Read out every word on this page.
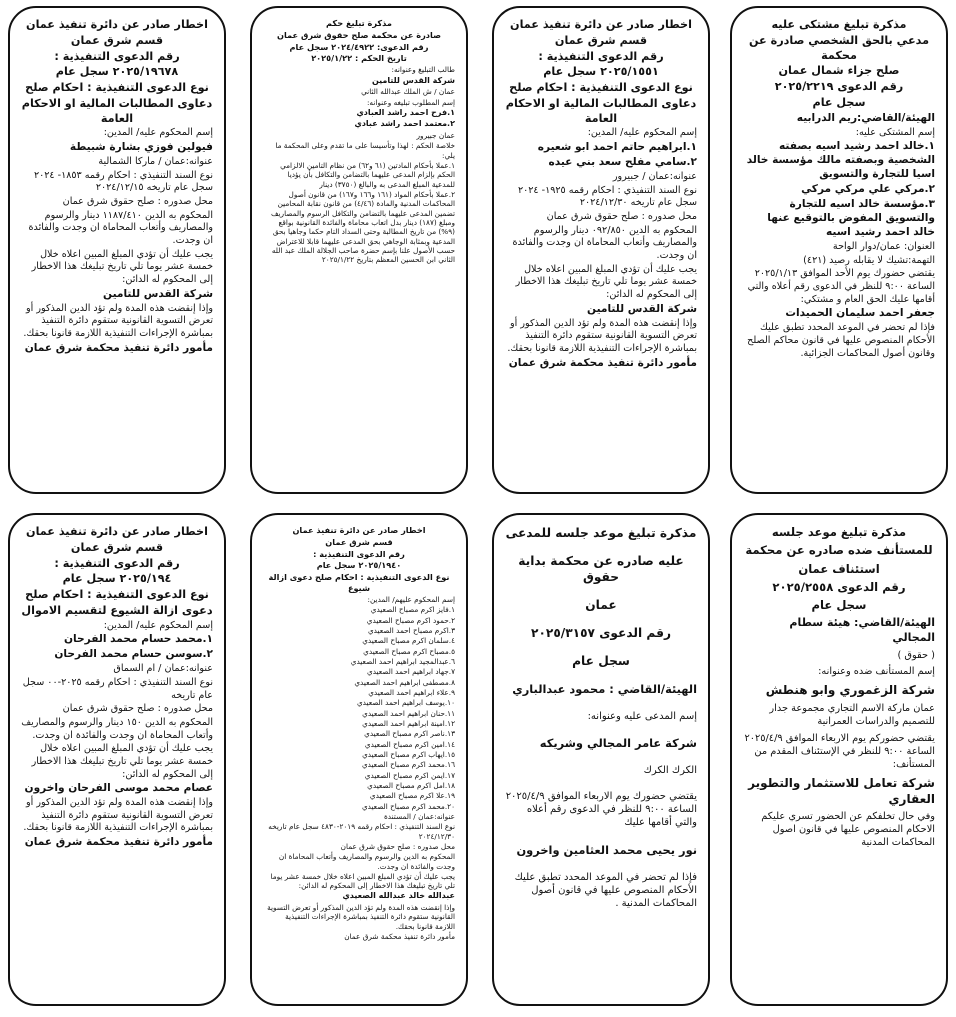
مذكرة تبليغ مشتكى عليه
مدعي بالحق الشخصي صادرة عن محكمة
صلح جزاء شمال عمان
رقم الدعوى ٢٠٢٥/٢٢١٩
سجل عام
الهيئة/القاضي:ريم الدرابيه
إسم المشتكى عليه:
١.خالد احمد رشيد اسيه بصفته الشخصية وبصفته مالك مؤسسة خالد اسيا للتجارة والتسويق
٢.مركي علي مركي مركي
٣.مؤسسة خالد اسيه للتجارة والتسويق المفوض بالتوقيع عنها خالد احمد رشيد اسيه
العنوان: عمان/دوار الواحة
التهمة:تشيك لا يقابله رصيد (٤٢١)
يقتضي حضورك يوم الأحد الموافق ٢٠٢٥/١/١٣ الساعة ٩:٠٠ للنظر في الدعوى رقم أعلاه والتي أقامها عليك الحق العام و مشتكي:
جعفر احمد سليمان الحميدات
فإذا لم تحضر في الموعد المحدد تطبق عليك الأحكام المنصوص عليها في قانون محاكم الصلح وقانون أصول المحاكمات الجزائية.
اخطار صادر عن دائرة تنفيذ عمان
قسم شرق عمان
رقم الدعوى التنفيذية :
٢٠٢٥/١٥٥١ سجل عام
نوع الدعوى التنفيذية : احكام صلح
دعاوى المطالبات المالية او الاحكام العامة
إسم المحكوم عليه/ المدين:
١.ابراهيم حاتم احمد ابو شعيره
٢.سامي مفلح سعد بني عيده
عنوانه:عمان / جبيرور
نوع السند التنفيذي : احكام رقمه ١٩٢٥- ٢٠٢٤ سجل عام تاريخه ٢٠٢٤/١٢/٣٠
محل صدوره : صلح حقوق شرق عمان
المحكوم به الدين ٠٩٢/٨٥٠ دينار والرسوم والمصاريف وأتعاب المحاماة ان وجدت والفائدة ان وجدت.
يجب عليك أن تؤدي المبلغ المبين اعلاه خلال خمسة عشر يوما تلي تاريخ تبليغك هذا الاخطار إلى المحكوم له الدائن:
شركة القدس للتامين
وإذا إنقضت هذه المدة ولم تؤد الدين المذكور أو تعرض التسوية القانونية ستقوم دائرة التنفيذ بمباشرة الإجراءات التنفيذية اللازمة قانونا بحقك.
مأمور دائرة تنفيذ محكمة شرق عمان
مذكرة تبليغ حكم
صادرة عن محكمة صلح حقوق شرق عمان
رقم الدعوى: ٢٠٢٤/٤٩٢٢ سجل عام
تاريخ الحكم : ٢٠٢٥/١/٢٢
طالب التبليغ وعنوانه:
شركة القدس للتامين
عمان / ش الملك عبدالله الثاني
إسم المطلوب تبليغه وعنوانه:
١.فرح احمد راشد العبادي
٢.معتمد احمد راشد عبادي
عمان جبيرور
خلاصة الحكم : لهذا وتأسيسا على ما تقدم وعلى المحكمة ما يلي:
١.عملا بأحكام المادتين (٦١ و٦٢) من نظام التامين الالزامي الحكم بإلزام المدعى عليهما بالتضامن والتكافل بأن يؤديا للمدعية المبلغ المدعى به والبالغ (٣٧٥٠) دينار
٢.عملا بأحكام المواد (١٦١ و١٦٦ و١٦٧) من قانون أصول المحاكمات المدنية والمادة (٤/٤٦) من قانون نقابة المحامين تضمين المدعى عليهما بالتضامن والتكافل الرسوم والمصاريف ومبلغ (١٨٧) دينار بدل اتعاب محاماة والفائدة القانونية بواقع (٩%) من تاريخ المطالبة وحتى السداد التام حكما وجاهيا بحق المدعية وبمثابة الوجاهي بحق المدعى عليهما قابلا للاعتراض حسب الأصول علنا بإسم حضرة صاحب الجلالة الملك عبد الله الثاني ابن الحسين المعظم بتاريخ ٢٠٢٥/١/٢٢
اخطار صادر عن دائرة تنفيذ عمان
قسم شرق عمان
رقم الدعوى التنفيذية :
٢٠٢٥/١٩٦٧٨ سجل عام
نوع الدعوى التنفيذية : احكام صلح
دعاوى المطالبات المالية او الاحكام العامة
إسم المحكوم عليه/ المدين:
فيولين فوزي بشارة شبيطة
عنوانه:عمان / ماركا الشمالية
نوع السند التنفيذي : احكام رقمه ١٨٥٣- ٢٠٢٤ سجل عام تاريخه ٢٠٢٤/١٢/١٥
محل صدوره : صلح حقوق شرق عمان
المحكوم به الدين ١١٨٧/٤١٠ دينار والرسوم والمصاريف وأتعاب المحاماة ان وجدت والفائدة ان وجدت.
يجب عليك أن تؤدي المبلغ المبين اعلاه خلال خمسة عشر يوما تلي تاريخ تبليغك هذا الاخطار إلى المحكوم له الدائن:
شركة القدس للتامين
وإذا إنقضت هذه المدة ولم تؤد الدين المذكور أو تعرض التسوية القانونية ستقوم دائرة التنفيذ بمباشرة الإجراءات التنفيذية اللازمة قانونا بحقك.
مأمور دائرة تنفيذ محكمة شرق عمان
مذكرة تبليغ موعد جلسه
للمستأنف ضده صادره عن محكمة
استئناف عمان
رقم الدعوى ٢٠٢٥/٢٥٥٨
سجل عام
الهيئة/القاضي: هيئة سطام المجالي
( حقوق )
إسم المستأنف ضده وعنوانه:
شركة الزغموري وابو هنطش
عمان ماركة الاسم التجاري مجموعة جدار للتصميم والدراسات العمرانية
يقتضي حضوركم يوم الاربعاء الموافق ٢٠٢٥/٤/٩ الساعة ٩:٠٠ للنظر في الإستئناف المقدم من المستأنف:
شركة تعامل للاستثمار والتطوير العقاري
وفي حال تخلفكم عن الحضور تسري عليكم الاحكام المنصوص عليها في قانون اصول المحاكمات المدنية
مذكرة تبليغ موعد جلسه للمدعى
عليه صادره عن محكمة بداية حقوق
عمان
رقم الدعوى ٢٠٢٥/٣١٥٧
سجل عام
الهيئة/القاضي : محمود عبدالباري
إسم المدعى عليه وعنوانه:
شركة عامر المجالي وشريكه
الكرك الكرك
يقتضي حضورك يوم الاربعاء الموافق ٢٠٢٥/٤/٩ الساعة ٩:٠٠ للنظر في الدعوى رقم أعلاه والتي أقامها عليك
نور يحيى محمد العثامين واخرون
فإذا لم تحضر في الموعد المحدد تطبق عليك الأحكام المنصوص عليها في قانون أصول المحاكمات المدنية .
اخطار صادر عن دائرة تنفيذ عمان
قسم شرق عمان
رقم الدعوى التنفيذية :
٢٠٢٥/١٩٤٠ سجل عام
نوع الدعوى التنفيذية : احكام صلح دعوى ازالة شيوع
إسم المحكوم عليهم/ المدين:
١.فايز اكرم مصباح الصعيدي
٢.حمود اكرم مصباح الصعيدي
٣.اكرم مصباح احمد الصعيدي
٤.سلمان اكرم مصباح الصعيدي
٥.مصباح اكرم مصباح الصعيدي
٦.عبدالمجيد ابراهيم احمد الصعيدي
٧.جهاد ابراهيم احمد الصعيدي
٨.مصطفى ابراهيم احمد الصعيدي
٩.علاء ابراهيم احمد الصعيدي
١٠.يوسف ابراهيم احمد الصعيدي
١١.حنان ابراهيم احمد الصعيدي
١٢.امينة ابراهيم احمد الصعيدي
١٣.ناصر اكرم مصباح الصعيدي
١٤.امين اكرم مصباح الصعيدي
١٥.ايهاب اكرم مصباح الصعيدي
١٦.محمد اكرم مصباح الصعيدي
١٧.ايمن اكرم مصباح الصعيدي
١٨.امل اكرم مصباح الصعيدي
١٩.علا اكرم مصباح الصعيدي
٢٠.محمد اكرم مصباح الصعيدي
عنوانه:عمان / المستندة
نوع السند التنفيذي : احكام رقمه ٢٠١٩-٤٨٣٠ سجل عام تاريخه ٢٠٢٤/١٢/٣٠
محل صدوره : صلح حقوق شرق عمان
المحكوم به الدين والرسوم والمصاريف وأتعاب المحاماة ان وجدت والفائدة ان وجدت.
يجب عليك أن تؤدي المبلغ المبين اعلاه خلال خمسة عشر يوما تلي تاريخ تبليغك هذا الاخطار إلى المحكوم له الدائن:
عبدالله خالد عبدالله الصعيدي
وإذا إنقضت هذه المدة ولم تؤد الدين المذكور أو تعرض التسوية القانونية ستقوم دائرة التنفيذ بمباشرة الإجراءات التنفيذية اللازمة قانونا بحقك.
مأمور دائرة تنفيذ محكمة شرق عمان
اخطار صادر عن دائرة تنفيذ عمان
قسم شرق عمان
رقم الدعوى التنفيذية :
٢٠٢٥/١٩٤ سجل عام
نوع الدعوى التنفيذية : احكام صلح
دعوى ازالة الشيوع لتقسيم الاموال
إسم المحكوم عليه/ المدين:
١.محمد حسام محمد الفرحان
٢.سوسن حسام محمد الفرحان
عنوانه:عمان / ام السماق
نوع السند التنفيذي : احكام رقمه ٢٠٢٥-٠٠ سجل عام تاريخه
محل صدوره : صلح حقوق شرق عمان
المحكوم به الدين ١٥٠ دينار والرسوم والمصاريف وأتعاب المحاماة ان وجدت والفائدة ان وجدت.
يجب عليك أن تؤدي المبلغ المبين اعلاه خلال خمسة عشر يوما تلي تاريخ تبليغك هذا الاخطار إلى المحكوم له الدائن:
عصام محمد موسى الفرحان واخرون
وإذا إنقضت هذه المدة ولم تؤد الدين المذكور أو تعرض التسوية القانونية ستقوم دائرة التنفيذ بمباشرة الإجراءات التنفيذية اللازمة قانونا بحقك.
مأمور دائرة تنفيذ محكمة شرق عمان
